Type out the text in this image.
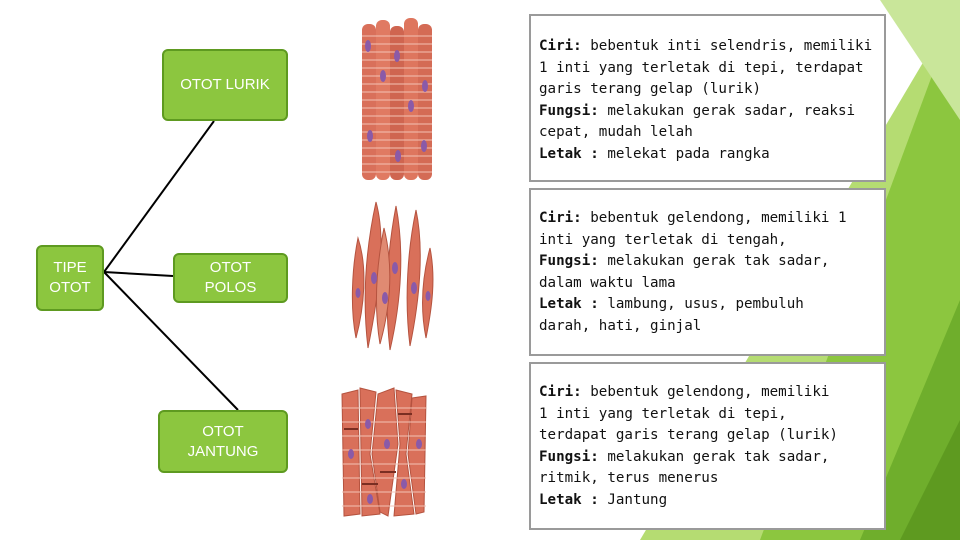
TIPE
OTOT
OTOT LURIK
OTOT
POLOS
OTOT
JANTUNG

Ciri: bebentuk inti selendris, memiliki 1 inti yang terletak di tepi, terdapat garis terang gelap (lurik)

Fungsi: melakukan gerak sadar, reaksi cepat, mudah lelah

Letak : melekat pada rangka

Ciri: bebentuk gelendong, memiliki 1 inti yang terletak di tengah,

Fungsi: melakukan gerak tak sadar, dalam waktu lama

Letak : lambung, usus, pembuluh darah, hati, ginjal

Ciri: bebentuk gelendong, memiliki 1 inti yang terletak di tepi, terdapat garis terang gelap (lurik)

Fungsi: melakukan gerak tak sadar, ritmik, terus menerus

Letak : Jantung
